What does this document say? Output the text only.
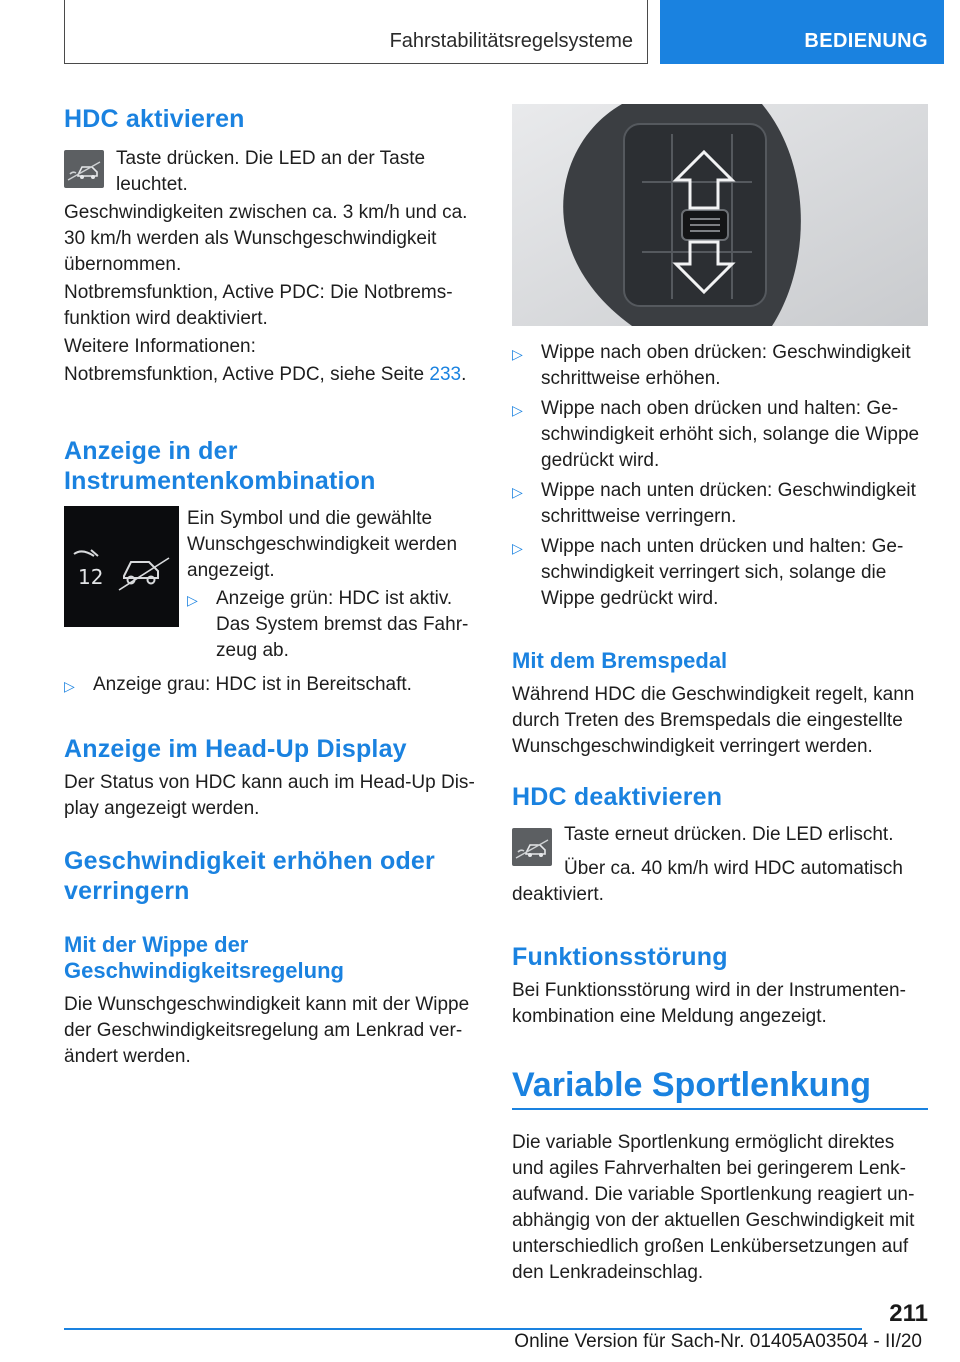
Fahrstabilitätsregelsysteme	BEDIENUNG
HDC aktivieren

Taste drücken. Die LED an der Taste leuchtet.

Geschwindigkeiten zwischen ca. 3 km/h und ca. 30 km/h werden als Wunschgeschwindigkeit übernommen.

Notbremsfunktion, Active PDC: Die Notbremsfunktion wird deaktiviert.

Weitere Informationen:

Notbremsfunktion, Active PDC, siehe Seite 233.

Anzeige in der Instrumentenkombination
12

Ein Symbol und die gewählte Wunschgeschwindigkeit werden angezeigt.

▷ Anzeige grün: HDC ist aktiv. Das System bremst das Fahrzeug ab.
▷ Anzeige grau: HDC ist in Bereitschaft.
Anzeige im Head-Up Display

Der Status von HDC kann auch im Head-Up Display angezeigt werden.

Geschwindigkeit erhöhen oder verringern
Mit der Wippe der Geschwindigkeitsregelung

Die Wunschgeschwindigkeit kann mit der Wippe der Geschwindigkeitsregelung am Lenkrad verändert werden.

▷ Wippe nach oben drücken: Geschwindigkeit schrittweise erhöhen.
▷ Wippe nach oben drücken und halten: Geschwindigkeit erhöht sich, solange die Wippe gedrückt wird.
▷ Wippe nach unten drücken: Geschwindigkeit schrittweise verringern.
▷ Wippe nach unten drücken und halten: Geschwindigkeit verringert sich, solange die Wippe gedrückt wird.
Mit dem Bremspedal

Während HDC die Geschwindigkeit regelt, kann durch Treten des Bremspedals die eingestellte Wunschgeschwindigkeit verringert werden.

HDC deaktivieren

Taste erneut drücken. Die LED erlischt.

Über ca. 40 km/h wird HDC automatisch deaktiviert.

Funktionsstörung

Bei Funktionsstörung wird in der Instrumentenkombination eine Meldung angezeigt.

Variable Sportlenkung

Die variable Sportlenkung ermöglicht direktes und agiles Fahrverhalten bei geringerem Lenkaufwand. Die variable Sportlenkung reagiert unabhängig von der aktuellen Geschwindigkeit mit unterschiedlich großen Lenkübersetzungen auf den Lenkradeinschlag.

211
Online Version für Sach-Nr. 01405A03504 - II/20
